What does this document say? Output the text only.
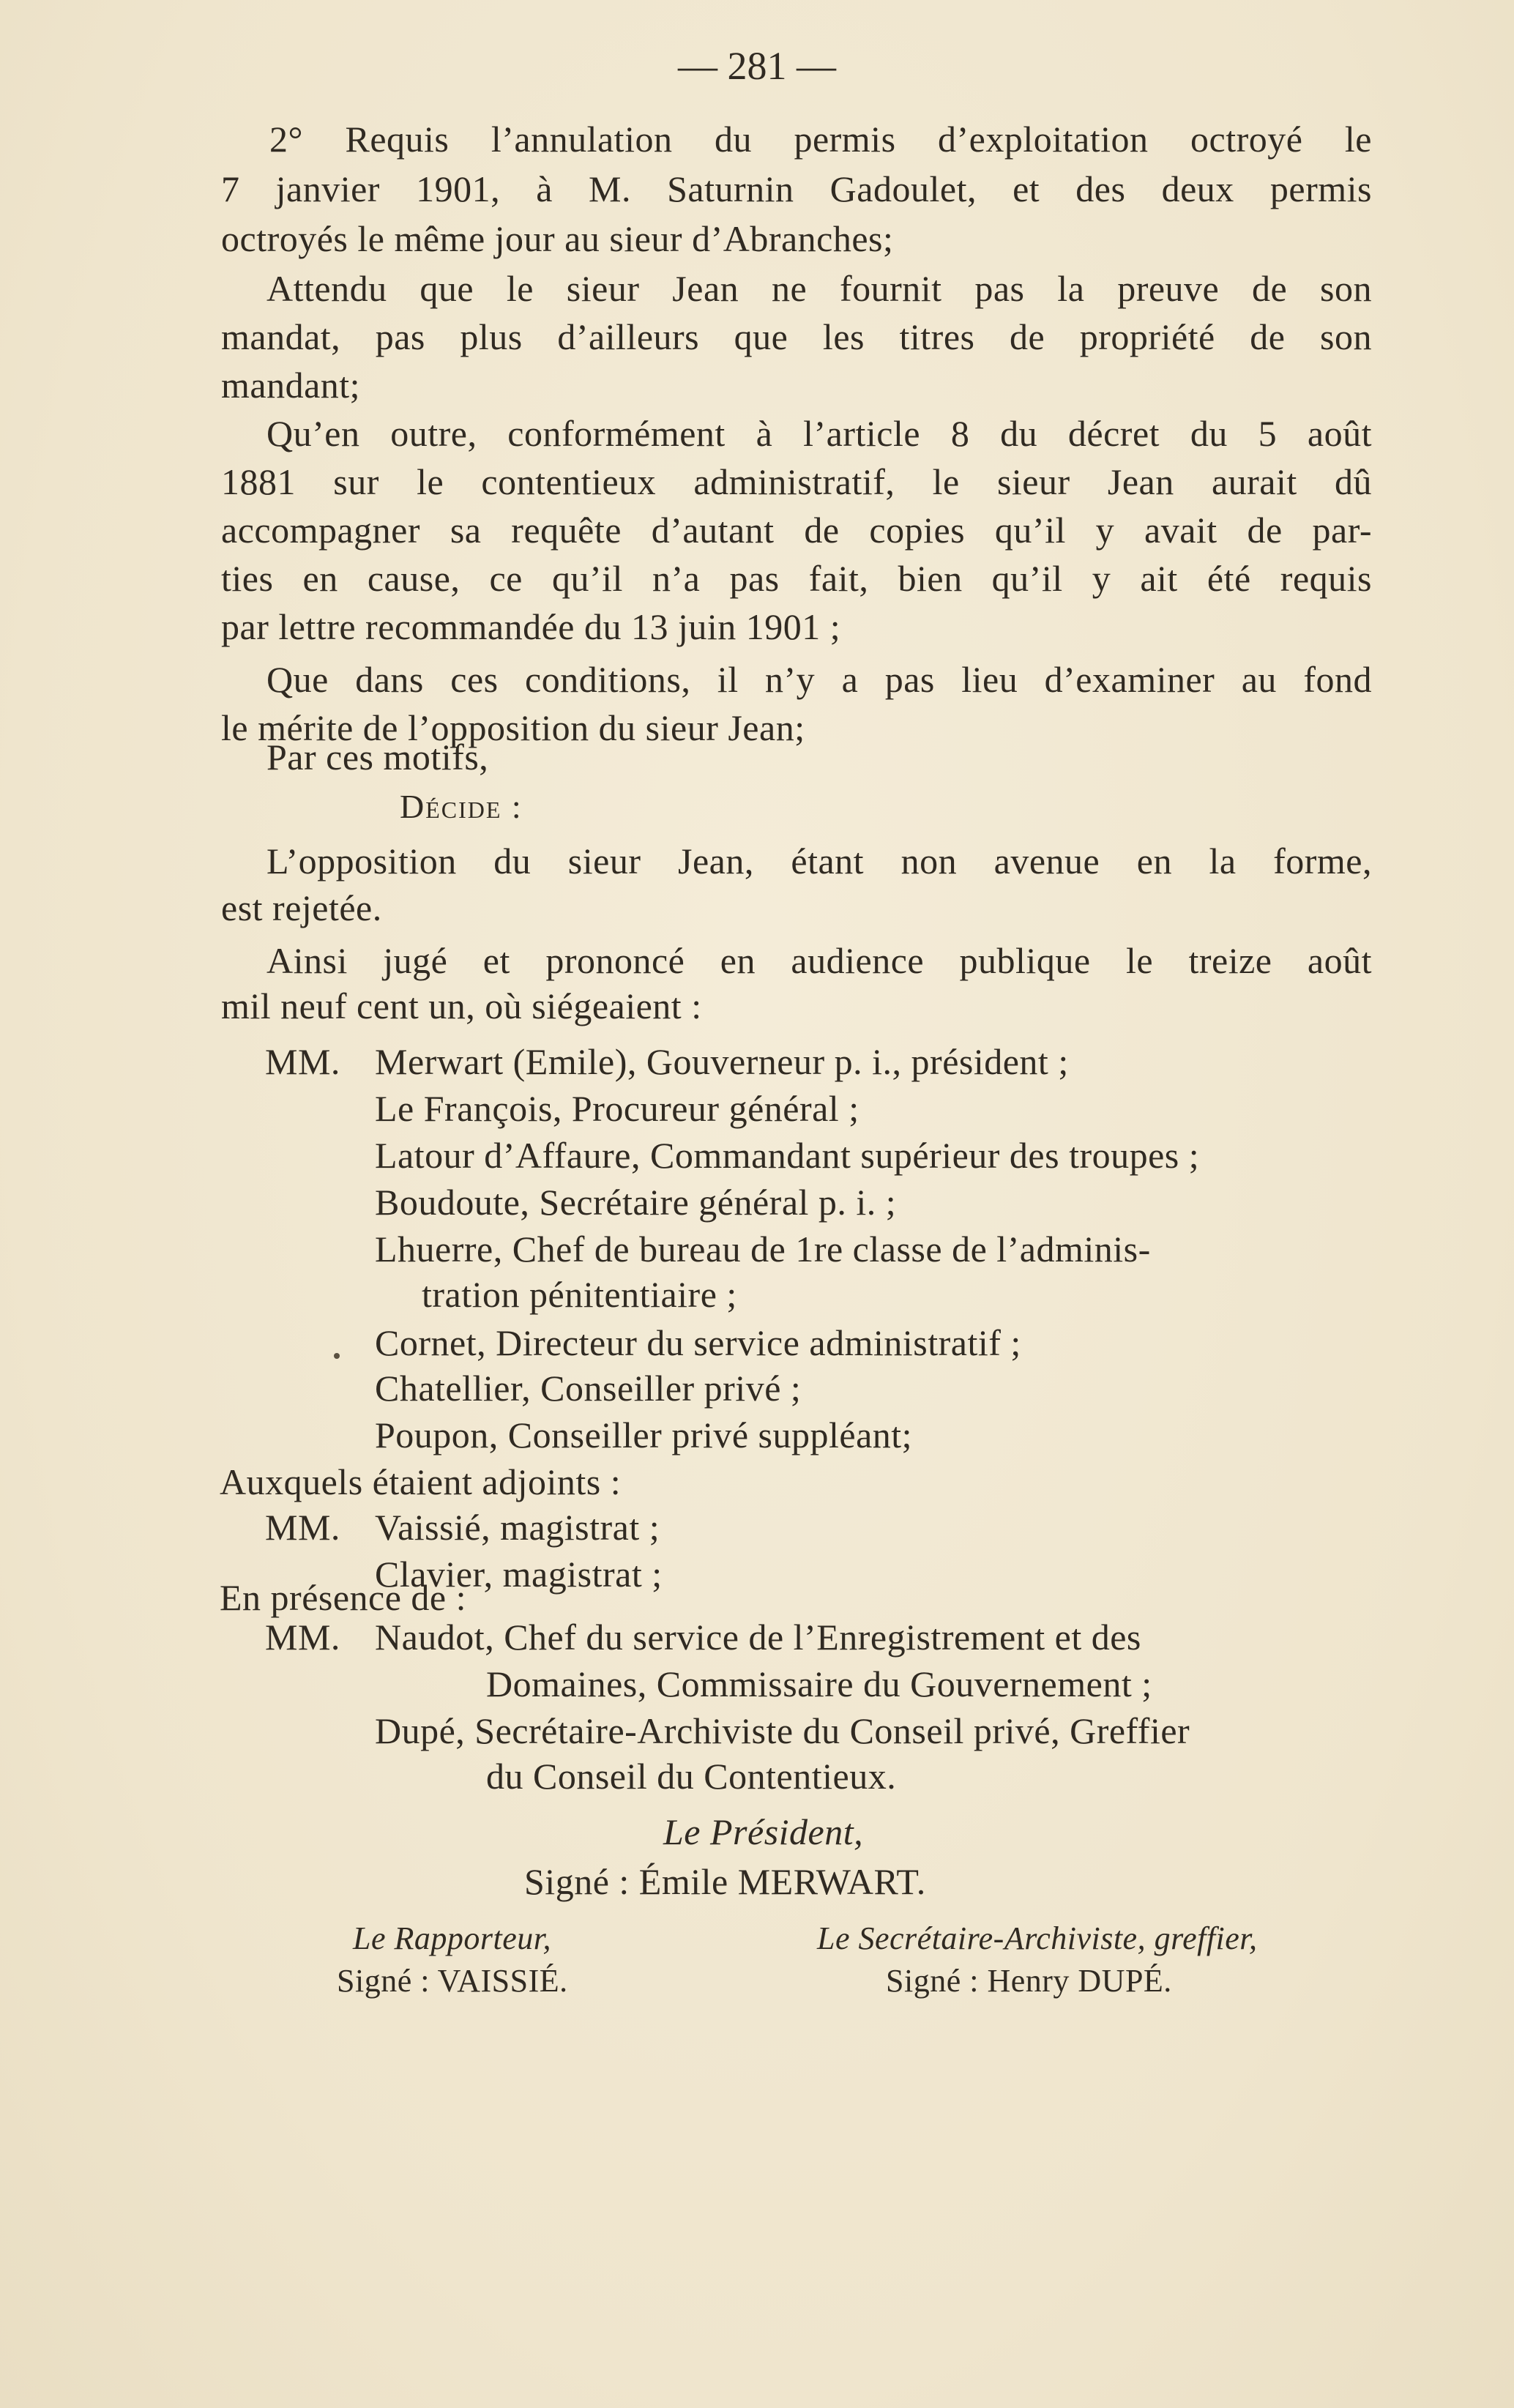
— 281 —
2° Requis l’annulation du permis d’exploitation octroyé le
7 janvier 1901, à M. Saturnin Gadoulet, et des deux permis
octroyés le même jour au sieur d’Abranches;
Attendu que le sieur Jean ne fournit pas la preuve de son
mandat, pas plus d’ailleurs que les titres de propriété de son
mandant;
Qu’en outre, conformément à l’article 8 du décret du 5 août
1881 sur le contentieux administratif, le sieur Jean aurait dû
accompagner sa requête d’autant de copies qu’il y avait de par-
ties en cause, ce qu’il n’a pas fait, bien qu’il y ait été requis
par lettre recommandée du 13 juin 1901 ;
Que dans ces conditions, il n’y a pas lieu d’examiner au fond
le mérite de l’opposition du sieur Jean;
Par ces motifs,
Décide :
L’opposition du sieur Jean, étant non avenue en la forme,
est rejetée.
Ainsi jugé et prononcé en audience publique le treize août
mil neuf cent un, où siégeaient :
MM. Merwart (Emile), Gouverneur p. i., président ;
Le François, Procureur général ;
Latour d’Affaure, Commandant supérieur des troupes ;
Boudoute, Secrétaire général p. i. ;
Lhuerre, Chef de bureau de 1re classe de l’adminis-
tration pénitentiaire ;
Cornet, Directeur du service administratif ;
Chatellier, Conseiller privé ;
Poupon, Conseiller privé suppléant;
Auxquels étaient adjoints :
MM. Vaissié, magistrat ;
Clavier, magistrat ;
En présence de :
MM. Naudot, Chef du service de l’Enregistrement et des
Domaines, Commissaire du Gouvernement ;
Dupé, Secrétaire-Archiviste du Conseil privé, Greffier
du Conseil du Contentieux.
Le Président,
Signé : Émile MERWART.
Le Rapporteur,	Le Secrétaire-Archiviste, greffier,
Signé : VAISSIÉ.	Signé : Henry DUPÉ.
